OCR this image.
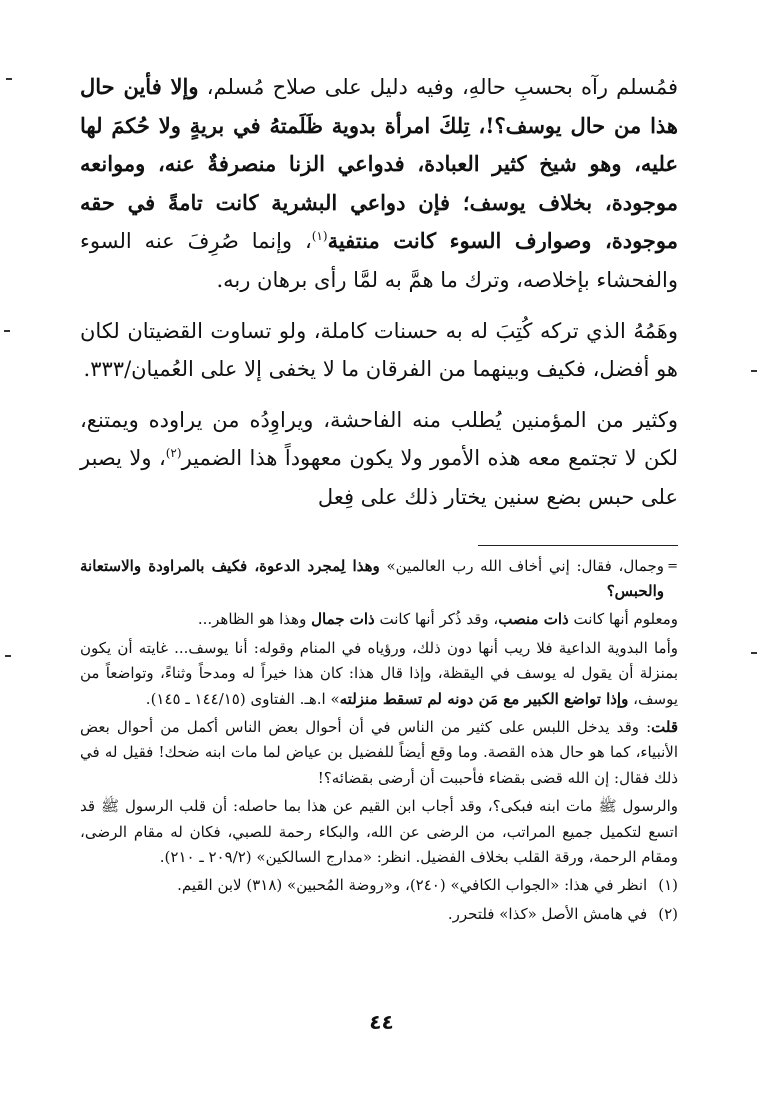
فمُسلم رآه بحسبِ حالهِ، وفيه دليل على صلاح مُسلم، وإلا فأين حال هذا من حال يوسف؟!، تِلكَ امرأة بدوية ظَلَمتهُ في بريةٍ ولا حُكمَ لها عليه، وهو شيخ كثير العبادة، فدواعي الزنا منصرفةٌ عنه، وموانعه موجودة، بخلاف يوسف؛ فإن دواعي البشرية كانت تامةً في حقه موجودة، وصوارف السوء كانت منتفية$^{(١)}$، وإنما صُرِفَ عنه السوء والفحشاء بإخلاصه، وترك ما همَّ به لمَّا رأى برهان ربه.

وهَمُهُ الذي تركه كُتِبَ له به حسنات كاملة، ولو تساوت القضيتان لكان هو أفضل، فكيف وبينهما من الفرقان ما لا يخفى إلا على العُميان/٣٣٣.

وكثير من المؤمنين يُطلب منه الفاحشة، ويراوِدُه من يراوده ويمتنع، لكن لا تجتمع معه هذه الأمور ولا يكون معهوداً هذا الضمير$^{(٢)}$، ولا يصبر على حبس بضع سنين يختار ذلك على فِعل

= وجمال، فقال: إني أخاف الله رب العالمين» وهذا لِمجرد الدعوة، فكيف بالمراودة والاستعانة والحبس؟

ومعلوم أنها كانت ذات منصب، وقد ذُكر أنها كانت ذات جمال وهذا هو الظاهر...

وأما البدوية الداعية فلا ريب أنها دون ذلك، ورؤياه في المنام وقوله: أنا يوسف... غايته أن يكون بمنزلة أن يقول له يوسف في اليقظة، وإذا قال هذا: كان هذا خيراً له ومدحاً وثناءً، وتواضعاً من يوسف، وإذا تواضع الكبير مع مَن دونه لم تسقط منزلته» ا.هـ. الفتاوى (١٤٤/١٥ ـ ١٤٥).

قلت: وقد يدخل اللبس على كثير من الناس في أن أحوال بعض الناس أكمل من أحوال بعض الأنبياء، كما هو حال هذه القصة. وما وقع أيضاً للفضيل بن عياض لما مات ابنه ضحك! فقيل له في ذلك فقال: إن الله قضى بقضاء فأحببت أن أرضى بقضائه؟!

والرسول ﷺ مات ابنه فبكى؟، وقد أجاب ابن القيم عن هذا بما حاصله: أن قلب الرسول ﷺ قد اتسع لتكميل جميع المراتب، من الرضى عن الله، والبكاء رحمة للصبي، فكان له مقام الرضى، ومقام الرحمة، ورقة القلب بخلاف الفضيل. انظر: «مدارج السالكين» (٢٠٩/٢ ـ ٢١٠).

(١) انظر في هذا: «الجواب الكافي» (٢٤٠)، و«روضة المُحبين» (٣١٨) لابن القيم.

(٢) في هامش الأصل «كذا» فلتحرر.

٤٤
